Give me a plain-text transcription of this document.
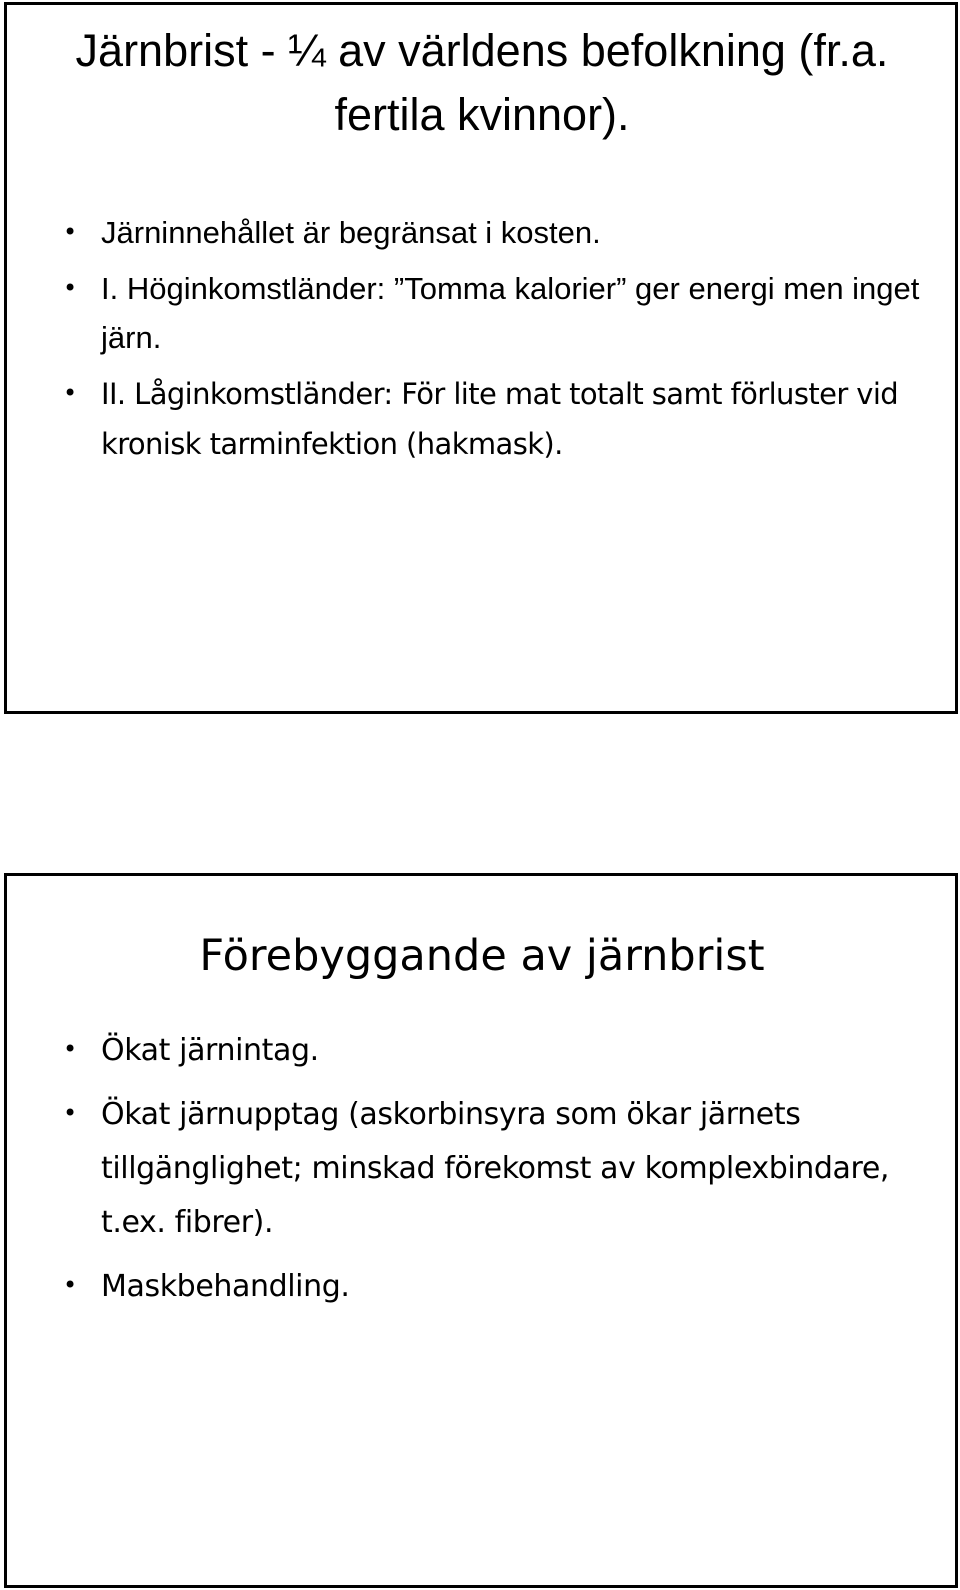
Järnbrist - ¼ av världens befolkning (fr.a. fertila kvinnor).
• Järninnehållet är begränsat i kosten.
• I. Höginkomstländer: ”Tomma kalorier” ger energi men inget järn.
• II. Låginkomstländer: För lite mat totalt samt förluster vid kronisk tarminfektion (hakmask).
Förebyggande av järnbrist
• Ökat järnintag.
• Ökat järnupptag (askorbinsyra som ökar järnets tillgänglighet; minskad förekomst av komplexbindare, t.ex. fibrer).
• Maskbehandling.
